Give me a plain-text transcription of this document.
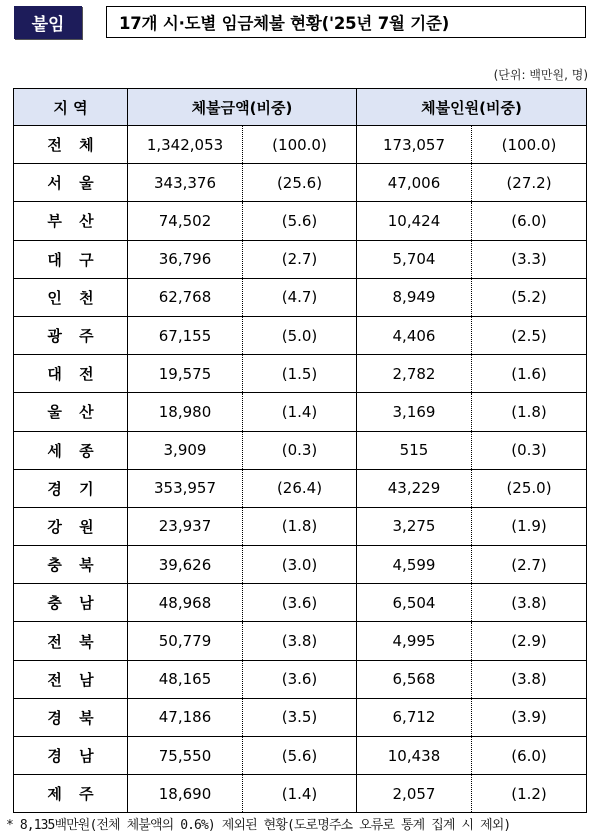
붙임	17개 시·도별 임금체불 현황('25년 7월 기준)
(단위: 백만원, 명)
지 역	체불금액(비중)		체불인원(비중)	
전 체	1,342,053	(100.0)	173,057	(100.0)
서 울	343,376	(25.6)	47,006	(27.2)
부 산	74,502	(5.6)	10,424	(6.0)
대 구	36,796	(2.7)	5,704	(3.3)
인 천	62,768	(4.7)	8,949	(5.2)
광 주	67,155	(5.0)	4,406	(2.5)
대 전	19,575	(1.5)	2,782	(1.6)
울 산	18,980	(1.4)	3,169	(1.8)
세 종	3,909	(0.3)	515	(0.3)
경 기	353,957	(26.4)	43,229	(25.0)
강 원	23,937	(1.8)	3,275	(1.9)
충 북	39,626	(3.0)	4,599	(2.7)
충 남	48,968	(3.6)	6,504	(3.8)
전 북	50,779	(3.8)	4,995	(2.9)
전 남	48,165	(3.6)	6,568	(3.8)
경 북	47,186	(3.5)	6,712	(3.9)
경 남	75,550	(5.6)	10,438	(6.0)
제 주	18,690	(1.4)	2,057	(1.2)
* 8,135백만원(전체 체불액의 0.6%) 제외된 현황(도로명주소 오류로 통계 집계 시 제외)
